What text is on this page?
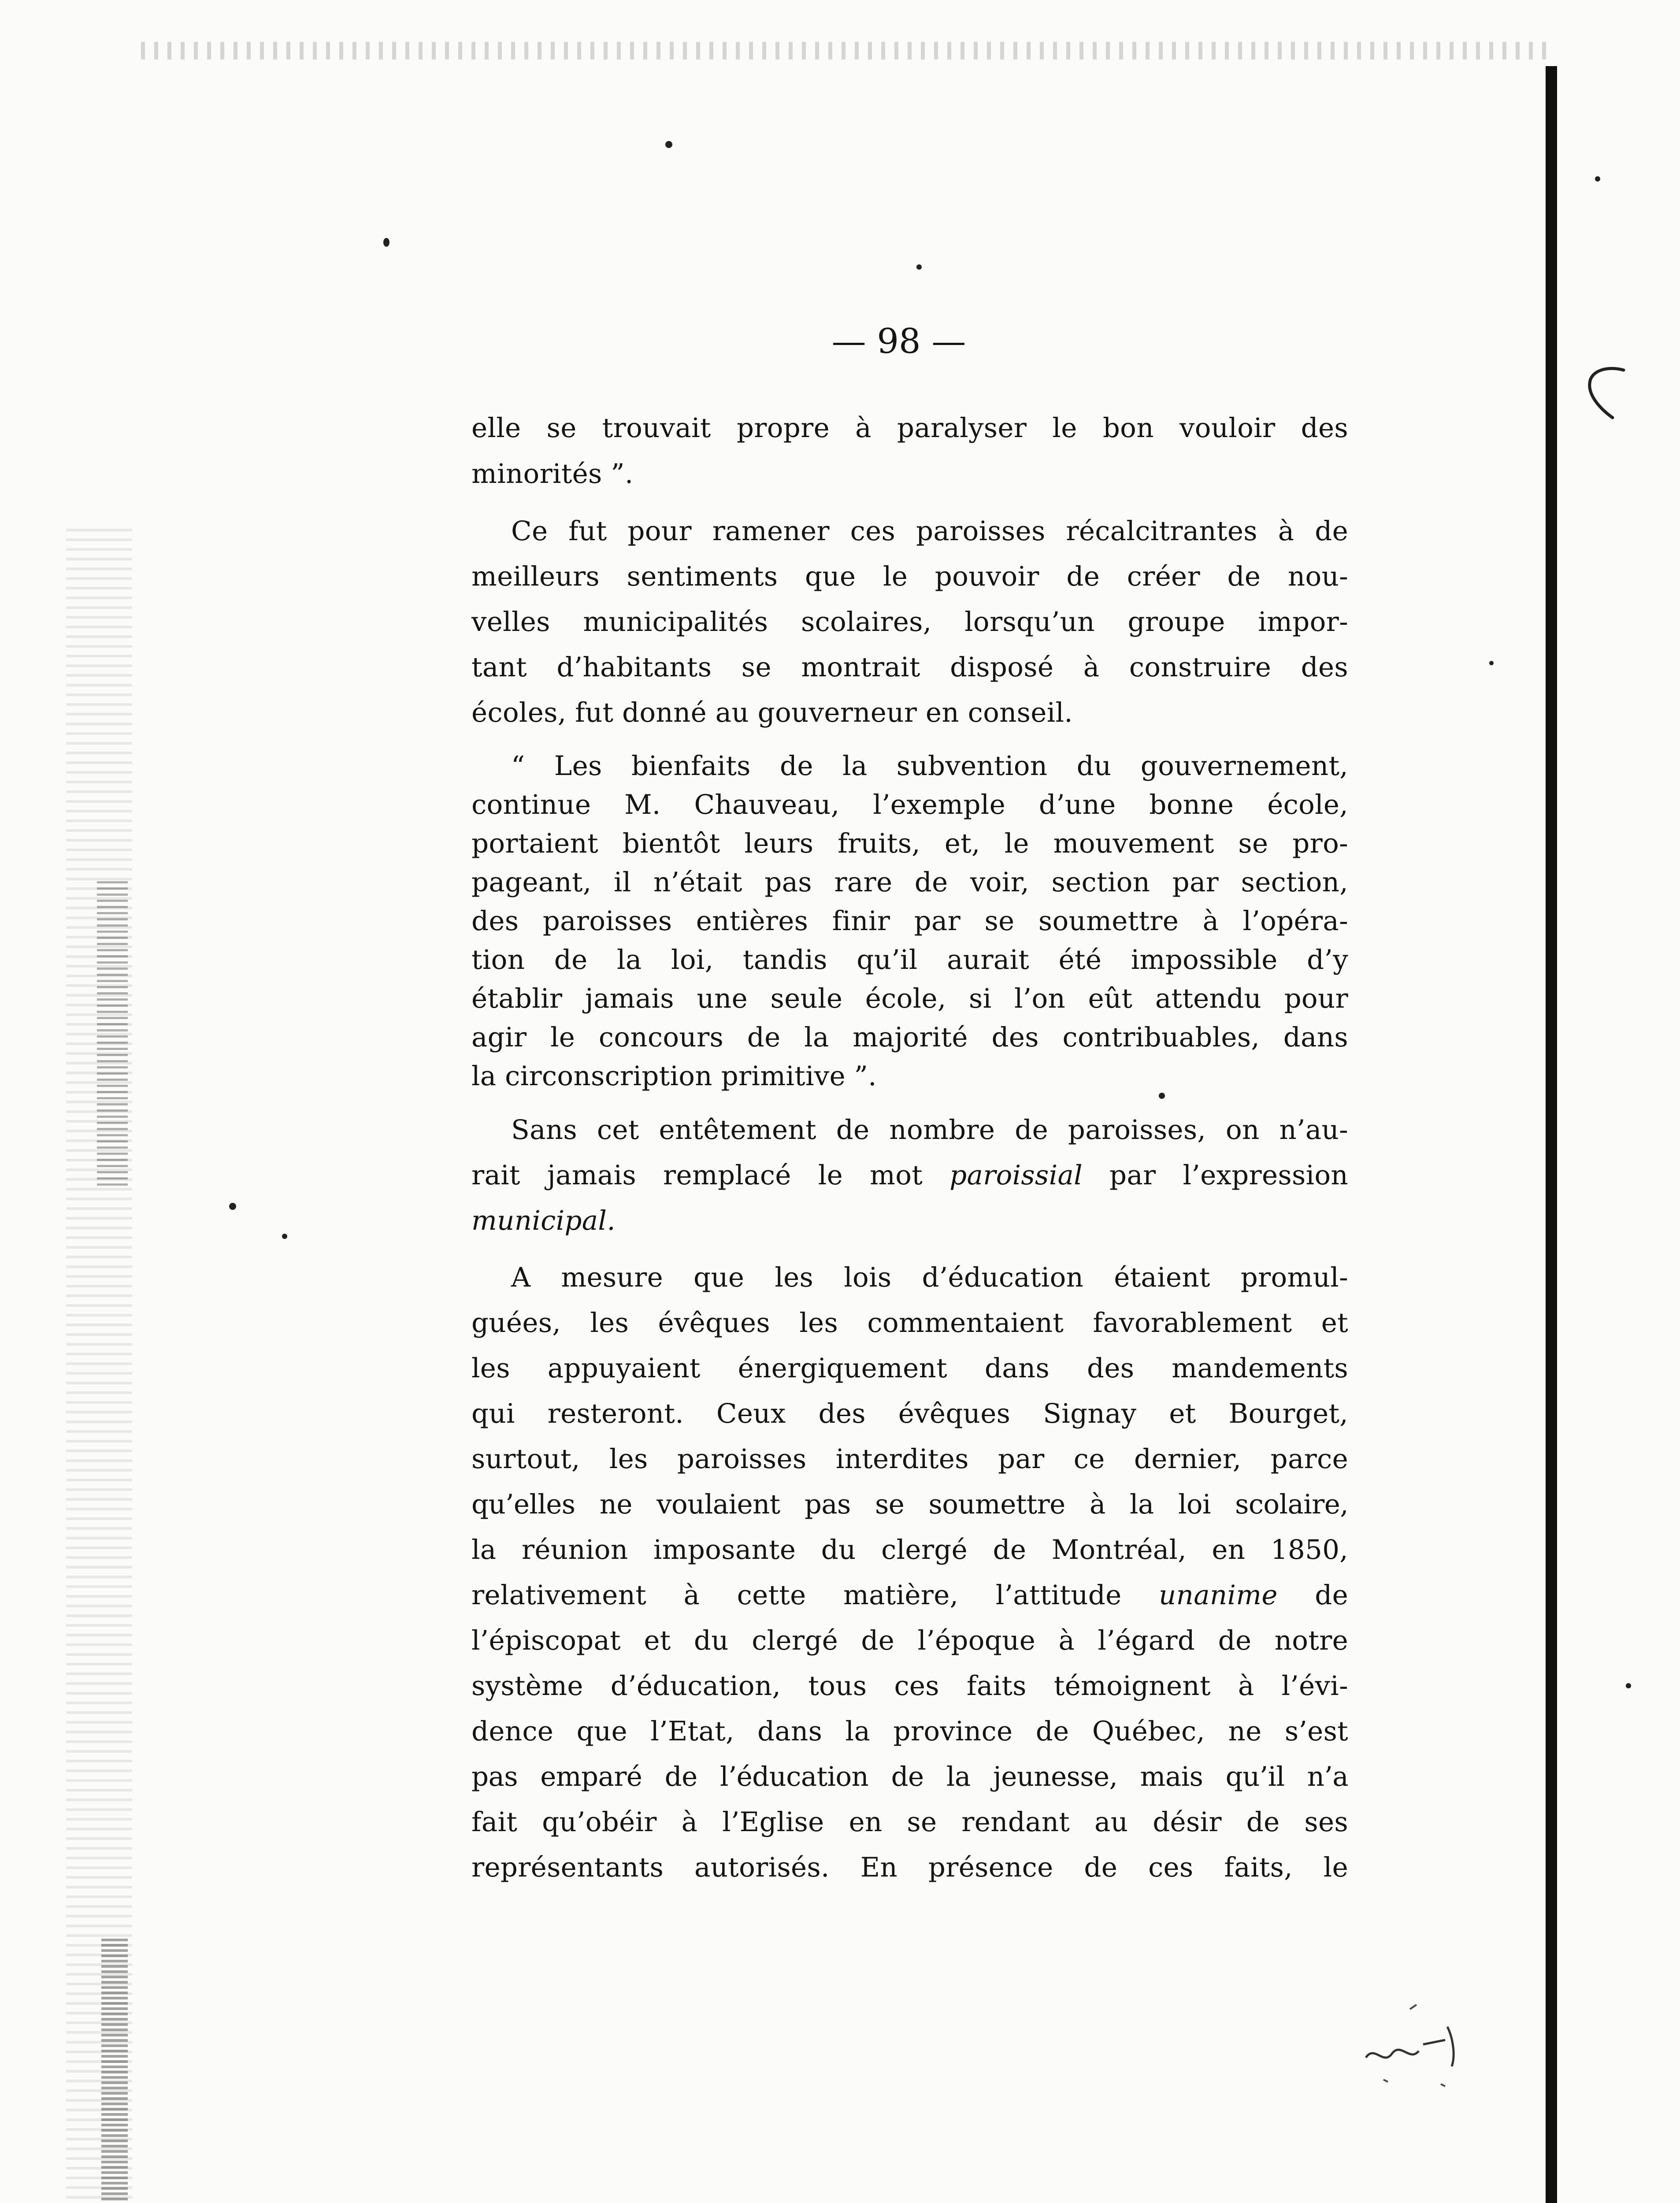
— 98 —
elle se trouvait propre à paralyser le bon vouloir des
minorités ”.
Ce fut pour ramener ces paroisses récalcitrantes à de
meilleurs sentiments que le pouvoir de créer de nou-
velles municipalités scolaires, lorsqu’un groupe impor-
tant d’habitants se montrait disposé à construire des
écoles, fut donné au gouverneur en conseil.
“ Les bienfaits de la subvention du gouvernement,
continue M. Chauveau, l’exemple d’une bonne école,
portaient bientôt leurs fruits, et, le mouvement se pro-
pageant, il n’était pas rare de voir, section par section,
des paroisses entières finir par se soumettre à l’opéra-
tion de la loi, tandis qu’il aurait été impossible d’y
établir jamais une seule école, si l’on eût attendu pour
agir le concours de la majorité des contribuables, dans
la circonscription primitive ”.
Sans cet entêtement de nombre de paroisses, on n’au-
rait jamais remplacé le mot paroissial par l’expression
municipal.
A mesure que les lois d’éducation étaient promul-
guées, les évêques les commentaient favorablement et
les appuyaient énergiquement dans des mandements
qui resteront. Ceux des évêques Signay et Bourget,
surtout, les paroisses interdites par ce dernier, parce
qu’elles ne voulaient pas se soumettre à la loi scolaire,
la réunion imposante du clergé de Montréal, en 1850,
relativement à cette matière, l’attitude unanime de
l’épiscopat et du clergé de l’époque à l’égard de notre
système d’éducation, tous ces faits témoignent à l’évi-
dence que l’Etat, dans la province de Québec, ne s’est
pas emparé de l’éducation de la jeunesse, mais qu’il n’a
fait qu’obéir à l’Eglise en se rendant au désir de ses
représentants autorisés. En présence de ces faits, le
